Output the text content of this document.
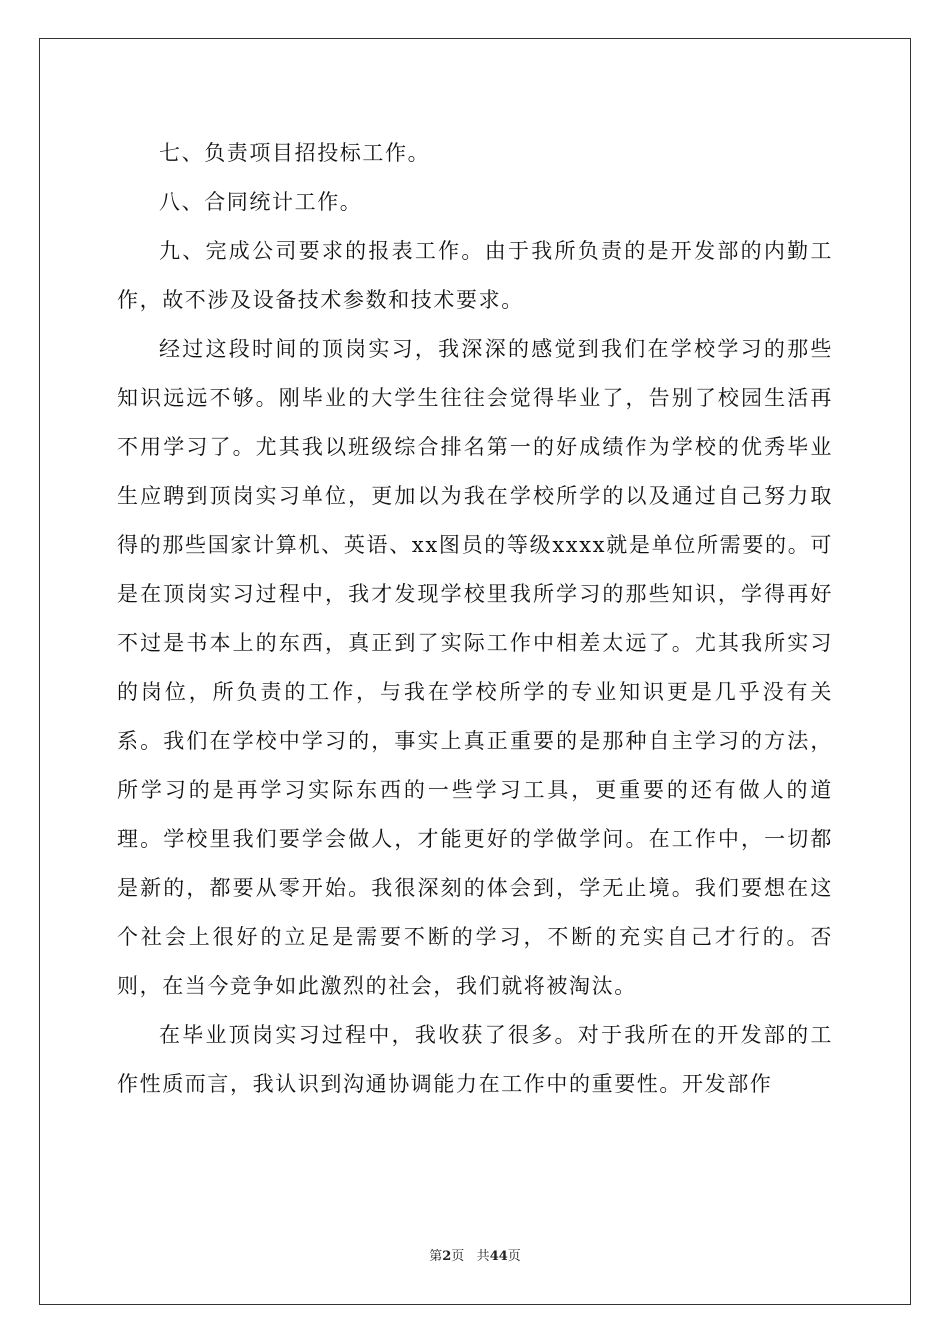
七、负责项目招投标工作。

八、合同统计工作。

九、完成公司要求的报表工作。由于我所负责的是开发部的内勤工作，故不涉及设备技术参数和技术要求。

经过这段时间的顶岗实习，我深深的感觉到我们在学校学习的那些知识远远不够。刚毕业的大学生往往会觉得毕业了，告别了校园生活再不用学习了。尤其我以班级综合排名第一的好成绩作为学校的优秀毕业生应聘到顶岗实习单位，更加以为我在学校所学的以及通过自己努力取得的那些国家计算机、英语、xx图员的等级xxxx就是单位所需要的。可是在顶岗实习过程中，我才发现学校里我所学习的那些知识，学得再好不过是书本上的东西，真正到了实际工作中相差太远了。尤其我所实习的岗位，所负责的工作，与我在学校所学的专业知识更是几乎没有关系。我们在学校中学习的，事实上真正重要的是那种自主学习的方法，所学习的是再学习实际东西的一些学习工具，更重要的还有做人的道理。学校里我们要学会做人，才能更好的学做学问。在工作中，一切都是新的，都要从零开始。我很深刻的体会到，学无止境。我们要想在这个社会上很好的立足是需要不断的学习，不断的充实自己才行的。否则，在当今竞争如此激烈的社会，我们就将被淘汰。

在毕业顶岗实习过程中，我收获了很多。对于我所在的开发部的工作性质而言，我认识到沟通协调能力在工作中的重要性。开发部作

第2页 共44页
